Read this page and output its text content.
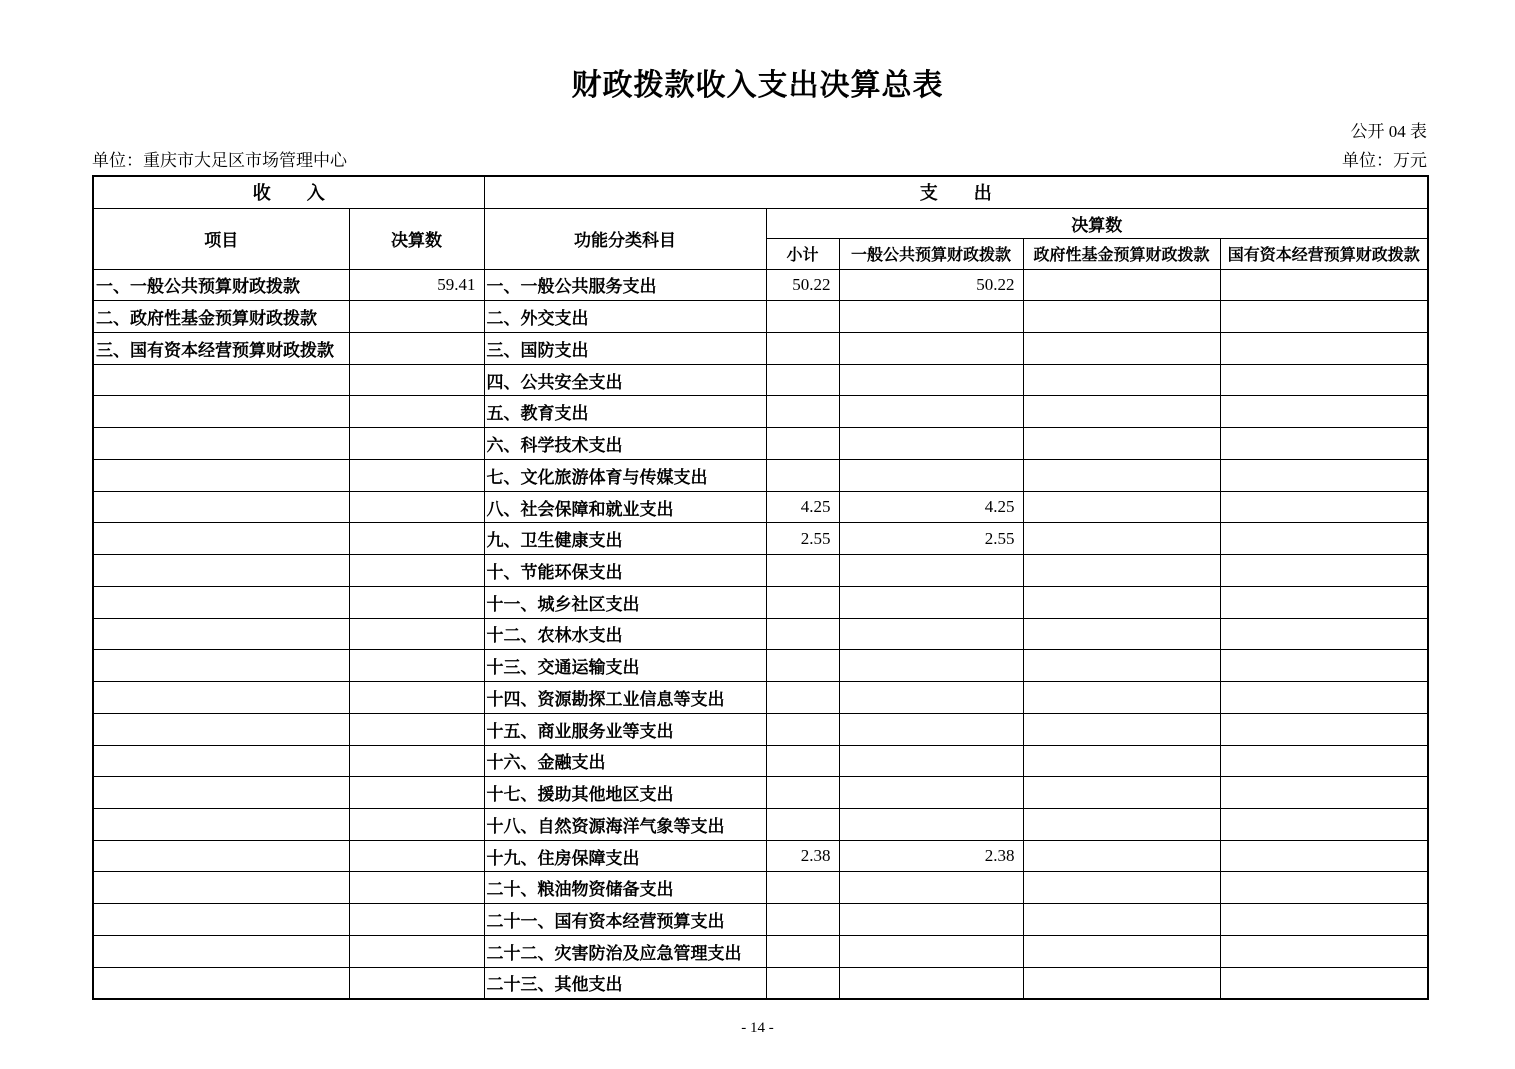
财政拨款收入支出决算总表
公开 04 表
单位：重庆市大足区市场管理中心	单位：万元
收　　入		支　　出				
项目	决算数	功能分类科目	决算数			
			小计	一般公共预算财政拨款	政府性基金预算财政拨款	国有资本经营预算财政拨款
一、一般公共预算财政拨款	59.41	一、一般公共服务支出	50.22	50.22		
二、政府性基金预算财政拨款		二、外交支出				
三、国有资本经营预算财政拨款		三、国防支出				
		四、公共安全支出				
		五、教育支出				
		六、科学技术支出				
		七、文化旅游体育与传媒支出				
		八、社会保障和就业支出	4.25	4.25		
		九、卫生健康支出	2.55	2.55		
		十、节能环保支出				
		十一、城乡社区支出				
		十二、农林水支出				
		十三、交通运输支出				
		十四、资源勘探工业信息等支出				
		十五、商业服务业等支出				
		十六、金融支出				
		十七、援助其他地区支出				
		十八、自然资源海洋气象等支出				
		十九、住房保障支出	2.38	2.38		
		二十、粮油物资储备支出				
		二十一、国有资本经营预算支出				
		二十二、灾害防治及应急管理支出				
		二十三、其他支出				
- 14 -
